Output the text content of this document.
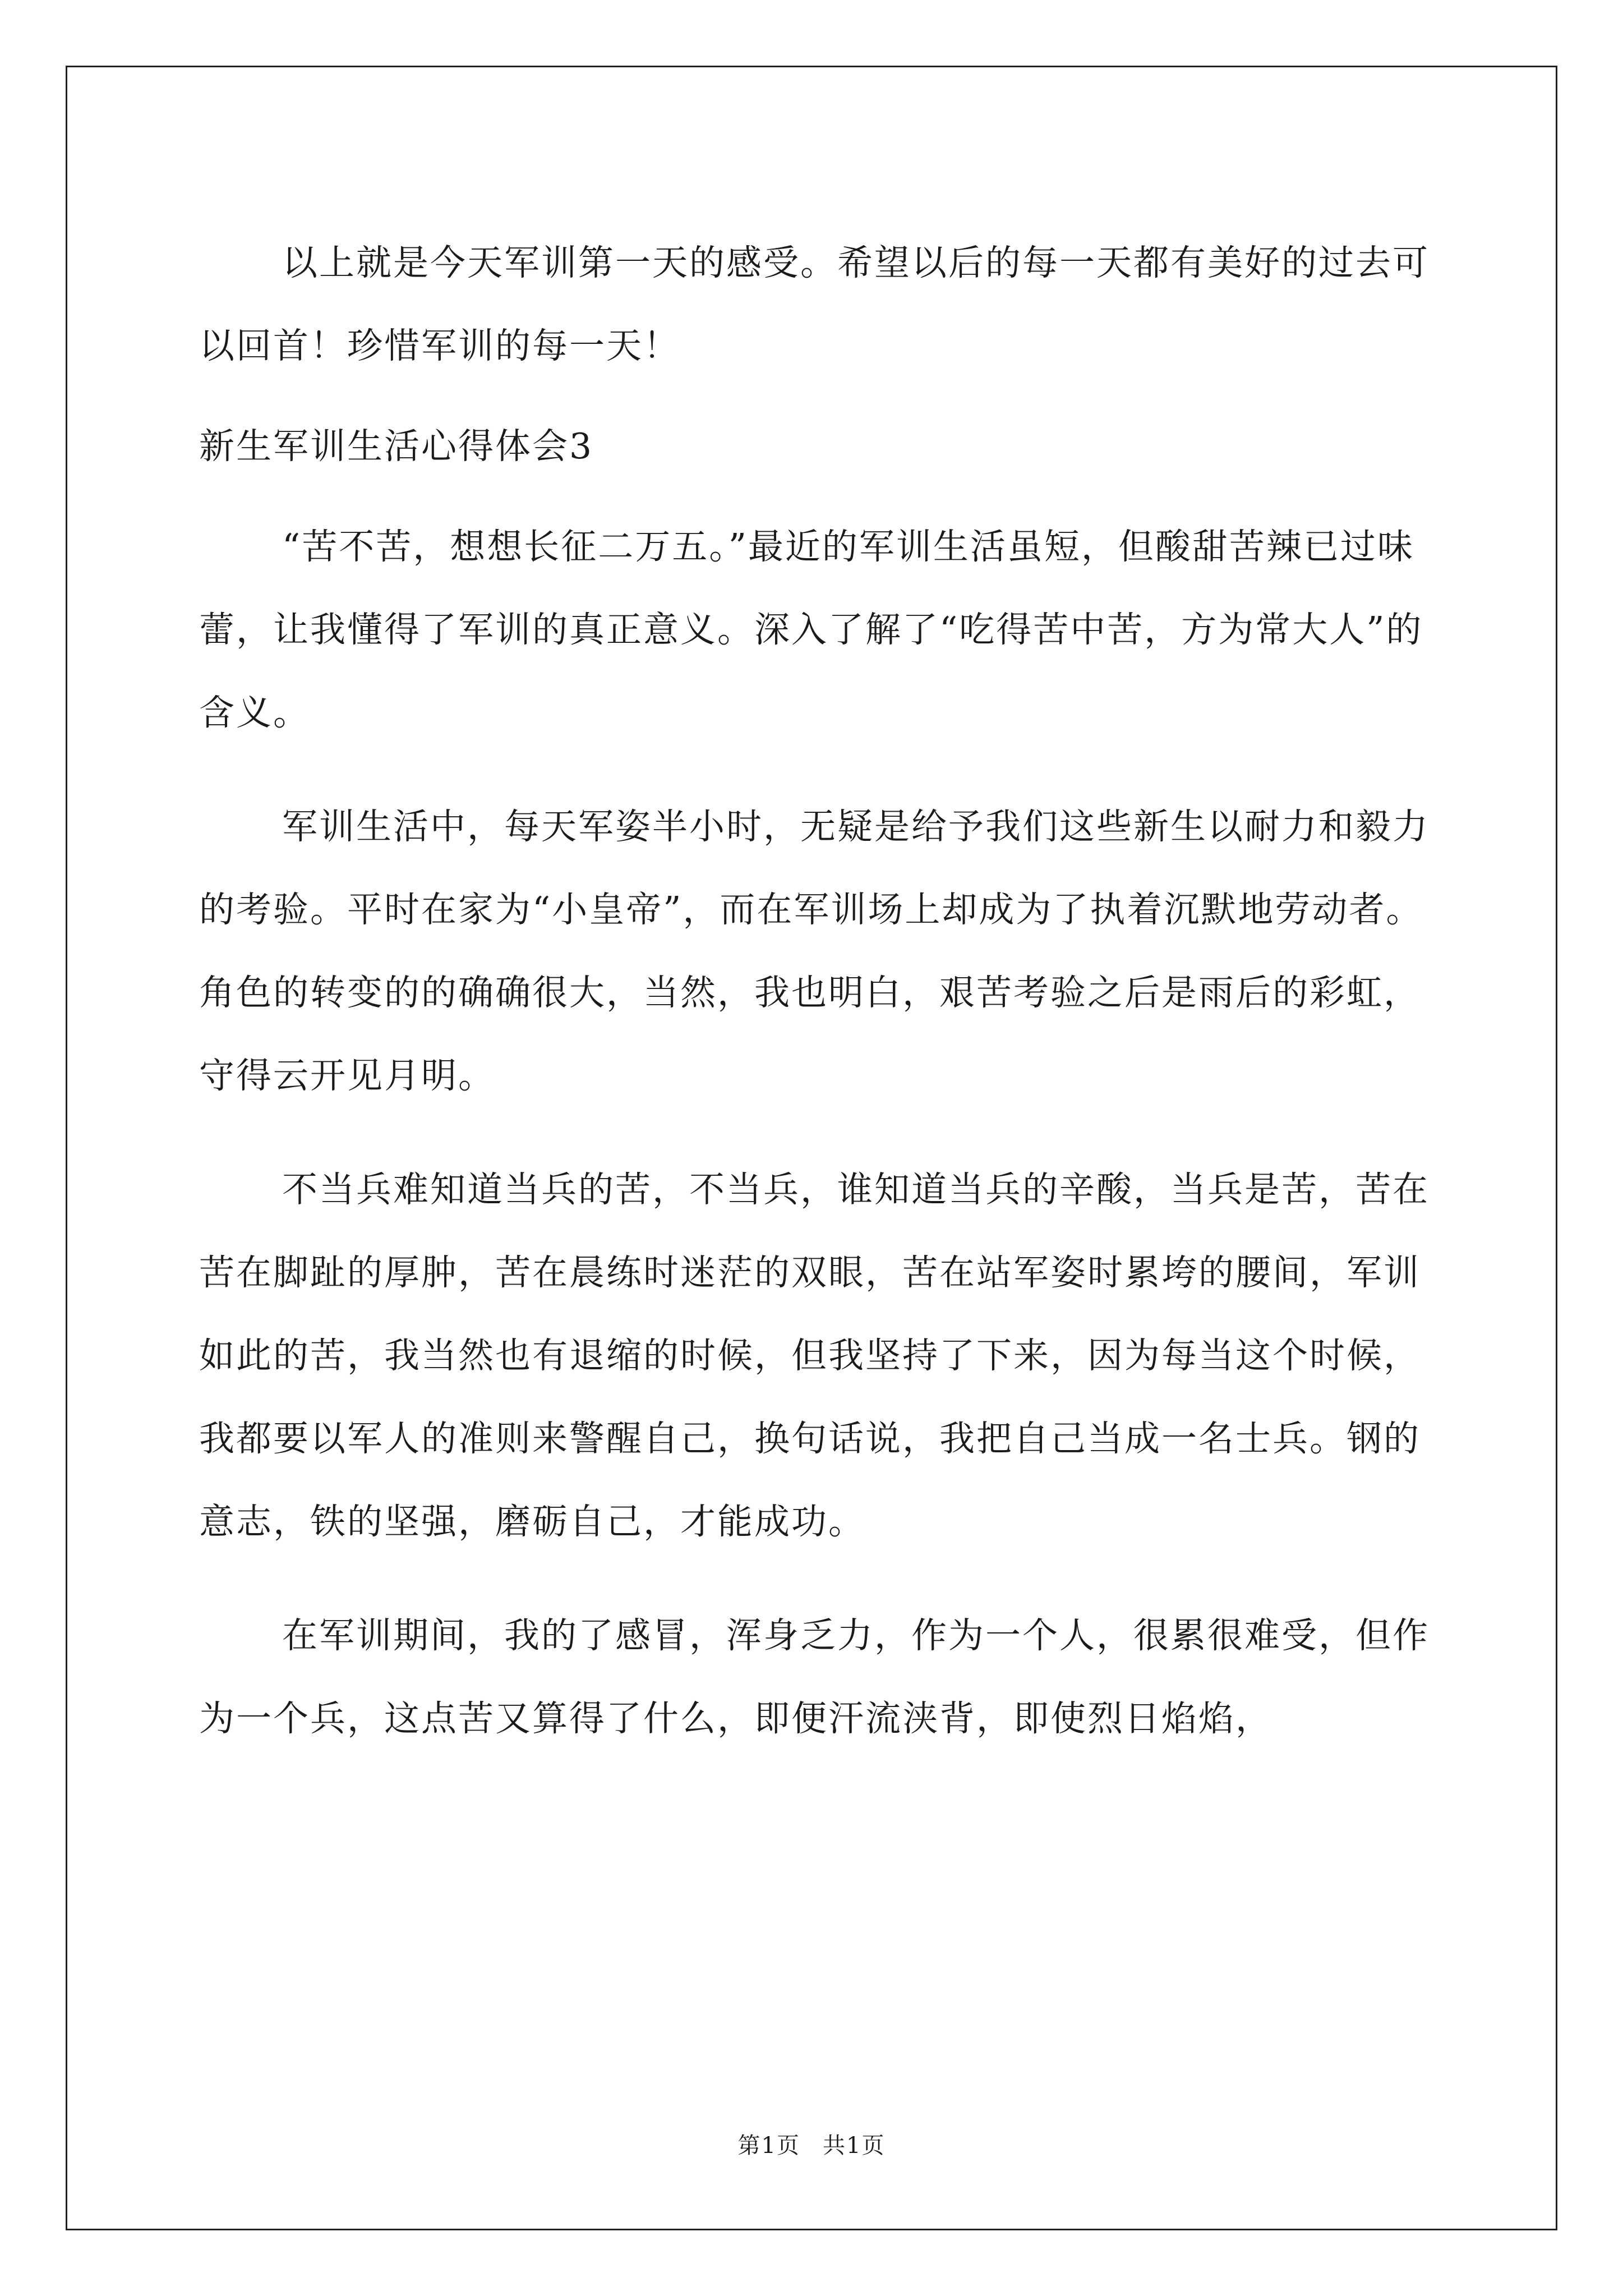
以上就是今天军训第一天的感受。希望以后的每一天都有美好的过去可以回首！珍惜军训的每一天！

新生军训生活心得体会3

“苦不苦，想想长征二万五。”最近的军训生活虽短，但酸甜苦辣已过味蕾，让我懂得了军训的真正意义。深入了解了“吃得苦中苦，方为常大人”的含义。

军训生活中，每天军姿半小时，无疑是给予我们这些新生以耐力和毅力的考验。平时在家为“小皇帝”，而在军训场上却成为了执着沉默地劳动者。角色的转变的的确确很大，当然，我也明白，艰苦考验之后是雨后的彩虹，守得云开见月明。

不当兵难知道当兵的苦，不当兵，谁知道当兵的辛酸，当兵是苦，苦在苦在脚趾的厚肿，苦在晨练时迷茫的双眼，苦在站军姿时累垮的腰间，军训如此的苦，我当然也有退缩的时候，但我坚持了下来，因为每当这个时候，我都要以军人的准则来警醒自己，换句话说，我把自己当成一名士兵。钢的意志，铁的坚强，磨砺自己，才能成功。

在军训期间，我的了感冒，浑身乏力，作为一个人，很累很难受，但作为一个兵，这点苦又算得了什么，即便汗流浃背，即使烈日焰焰，

第1页 共1页
